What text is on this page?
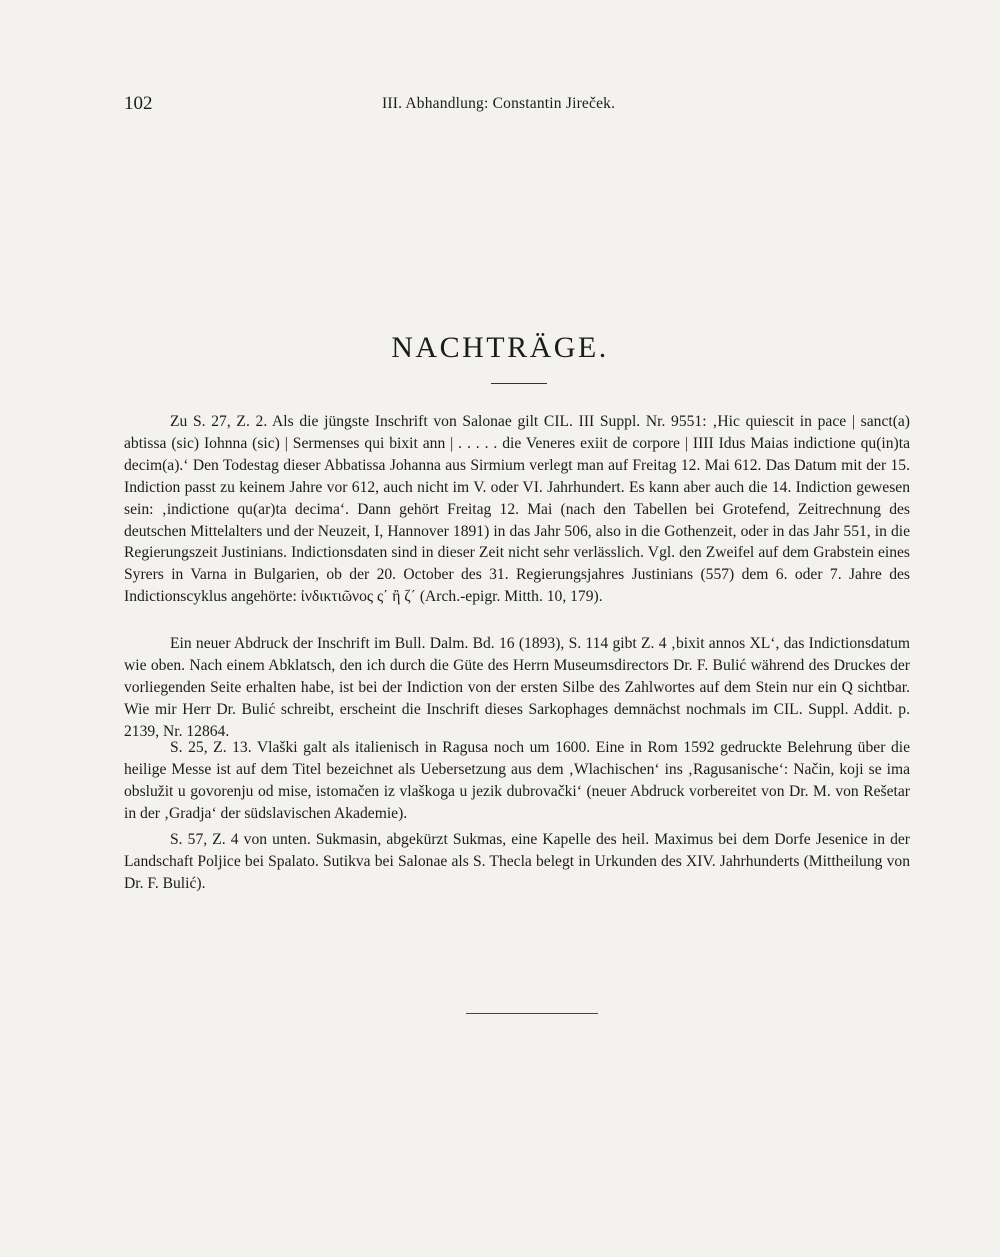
102	III. Abhandlung: Constantin Jireček.
NACHTRÄGE.

Zu S. 27, Z. 2. Als die jüngste Inschrift von Salonae gilt CIL. III Suppl. Nr. 9551: ‚Hic quiescit in pace | sanct(a) abtissa (sic) Iohnna (sic) | Sermenses qui bixit ann | . . . . . die Veneres exiit de corpore | IIII Idus Maias indictione qu(in)ta decim(a).‘ Den Todestag dieser Abbatissa Johanna aus Sirmium verlegt man auf Freitag 12. Mai 612. Das Datum mit der 15. Indiction passt zu keinem Jahre vor 612, auch nicht im V. oder VI. Jahrhundert. Es kann aber auch die 14. Indiction gewesen sein: ‚indictione qu(ar)ta decima‘. Dann gehört Freitag 12. Mai (nach den Tabellen bei Grotefend, Zeitrechnung des deutschen Mittelalters und der Neuzeit, I, Hannover 1891) in das Jahr 506, also in die Gothenzeit, oder in das Jahr 551, in die Regierungszeit Justinians. Indictionsdaten sind in dieser Zeit nicht sehr verlässlich. Vgl. den Zweifel auf dem Grabstein eines Syrers in Varna in Bulgarien, ob der 20. October des 31. Regierungsjahres Justinians (557) dem 6. oder 7. Jahre des Indictionscyklus angehörte: ἰνδικτιῶνος ς΄ ἢ ζ΄ (Arch.-epigr. Mitth. 10, 179).

Ein neuer Abdruck der Inschrift im Bull. Dalm. Bd. 16 (1893), S. 114 gibt Z. 4 ‚bixit annos XL‘, das Indictionsdatum wie oben. Nach einem Abklatsch, den ich durch die Güte des Herrn Museumsdirectors Dr. F. Bulić während des Druckes der vorliegenden Seite erhalten habe, ist bei der Indiction von der ersten Silbe des Zahlwortes auf dem Stein nur ein Q sichtbar. Wie mir Herr Dr. Bulić schreibt, erscheint die Inschrift dieses Sarkophages demnächst nochmals im CIL. Suppl. Addit. p. 2139, Nr. 12864.

S. 25, Z. 13. Vlaški galt als italienisch in Ragusa noch um 1600. Eine in Rom 1592 gedruckte Belehrung über die heilige Messe ist auf dem Titel bezeichnet als Uebersetzung aus dem ‚Wlachischen‘ ins ‚Ragusanische‘: Način, koji se ima obslužit u govorenju od mise, istomačen iz vlaškoga u jezik dubrovački‘ (neuer Abdruck vorbereitet von Dr. M. von Rešetar in der ‚Gradja‘ der südslavischen Akademie).

S. 57, Z. 4 von unten. Sukmasin, abgekürzt Sukmas, eine Kapelle des heil. Maximus bei dem Dorfe Jesenice in der Landschaft Poljice bei Spalato. Sutikva bei Salonae als S. Thecla belegt in Urkunden des XIV. Jahrhunderts (Mittheilung von Dr. F. Bulić).
